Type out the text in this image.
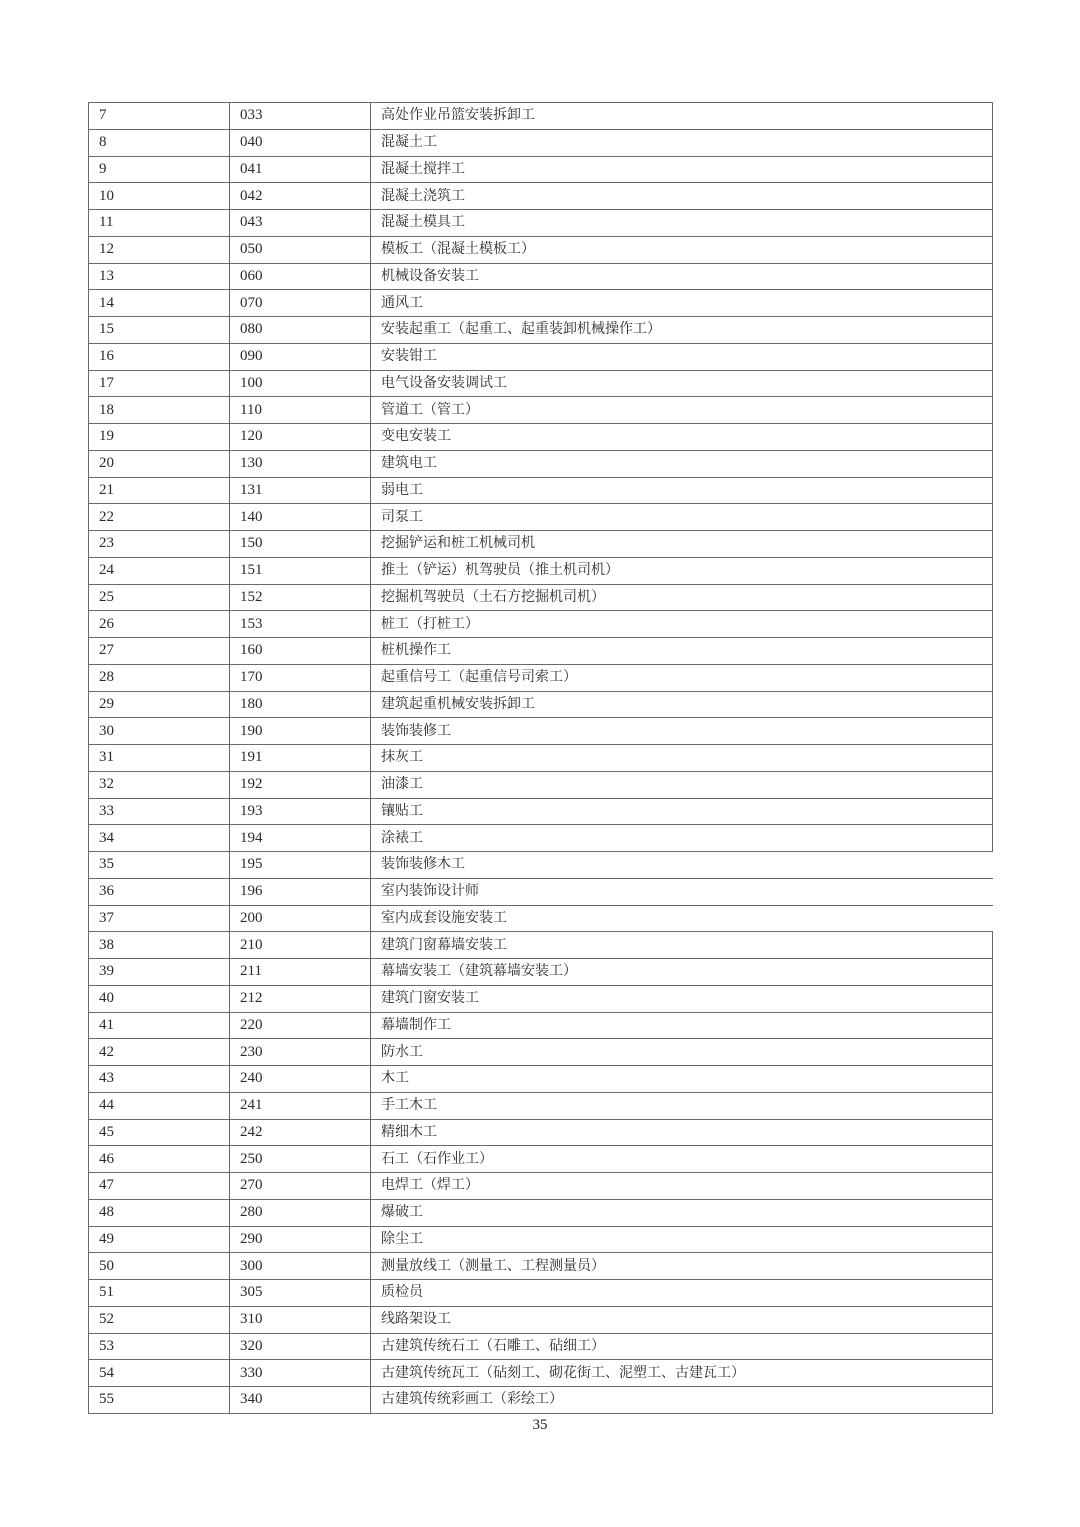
7	033	高处作业吊篮安装拆卸工
8	040	混凝土工
9	041	混凝土搅拌工
10	042	混凝土浇筑工
11	043	混凝土模具工
12	050	模板工（混凝土模板工）
13	060	机械设备安装工
14	070	通风工
15	080	安装起重工（起重工、起重装卸机械操作工）
16	090	安装钳工
17	100	电气设备安装调试工
18	110	管道工（管工）
19	120	变电安装工
20	130	建筑电工
21	131	弱电工
22	140	司泵工
23	150	挖掘铲运和桩工机械司机
24	151	推土（铲运）机驾驶员（推土机司机）
25	152	挖掘机驾驶员（土石方挖掘机司机）
26	153	桩工（打桩工）
27	160	桩机操作工
28	170	起重信号工（起重信号司索工）
29	180	建筑起重机械安装拆卸工
30	190	装饰装修工
31	191	抹灰工
32	192	油漆工
33	193	镶贴工
34	194	涂裱工
35	195	装饰装修木工
36	196	室内装饰设计师
37	200	室内成套设施安装工
38	210	建筑门窗幕墙安装工
39	211	幕墙安装工（建筑幕墙安装工）
40	212	建筑门窗安装工
41	220	幕墙制作工
42	230	防水工
43	240	木工
44	241	手工木工
45	242	精细木工
46	250	石工（石作业工）
47	270	电焊工（焊工）
48	280	爆破工
49	290	除尘工
50	300	测量放线工（测量工、工程测量员）
51	305	质检员
52	310	线路架设工
53	320	古建筑传统石工（石雕工、砧细工）
54	330	古建筑传统瓦工（砧刻工、砌花街工、泥塑工、古建瓦工）
55	340	古建筑传统彩画工（彩绘工）
35
